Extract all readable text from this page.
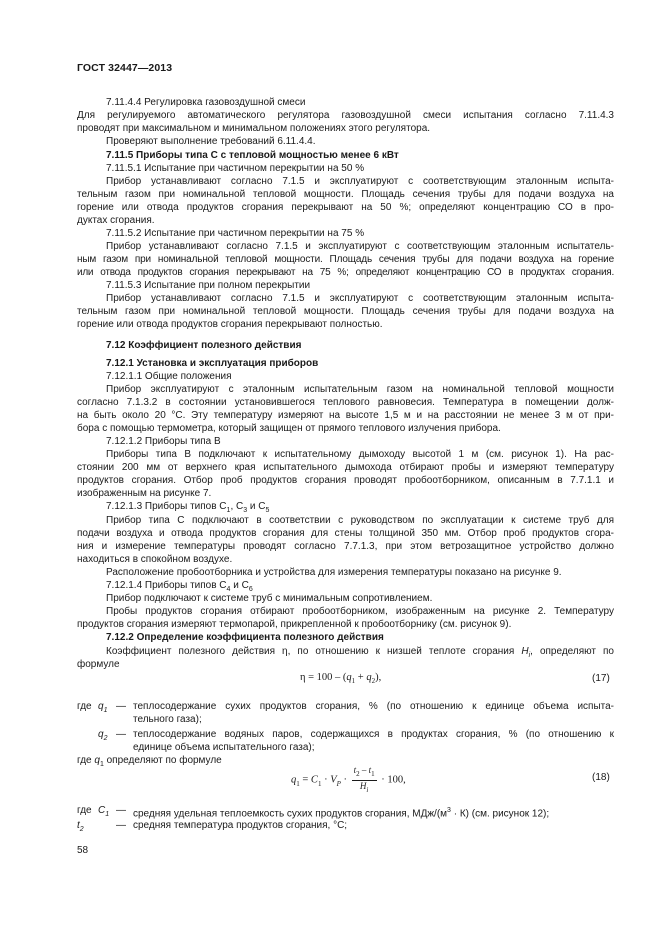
ГОСТ 32447—2013
7.11.4.4 Регулировка газовоздушной смеси
Для регулируемого автоматического регулятора газовоздушной смеси испытания согласно 7.11.4.3
проводят при максимальном и минимальном положениях этого регулятора.
Проверяют выполнение требований 6.11.4.4.
7.11.5 Приборы типа С с тепловой мощностью менее 6 кВт
7.11.5.1 Испытание при частичном перекрытии на 50 %
Прибор устанавливают согласно 7.1.5 и эксплуатируют с соответствующим эталонным испыта-
тельным газом при номинальной тепловой мощности. Площадь сечения трубы для подачи воздуха на
горение или отвода продуктов сгорания перекрывают на 50 %; определяют концентрацию СО в про-
дуктах сгорания.
7.11.5.2 Испытание при частичном перекрытии на 75 %
Прибор устанавливают согласно 7.1.5 и эксплуатируют с соответствующим эталонным испытатель-
ным газом при номинальной тепловой мощности. Площадь сечения трубы для подачи воздуха на горение
или отвода продуктов сгорания перекрывают на 75 %; определяют концентрацию СО в продуктах сгорания.
7.11.5.3 Испытание при полном перекрытии
Прибор устанавливают согласно 7.1.5 и эксплуатируют с соответствующим эталонным испыта-
тельным газом при номинальной тепловой мощности. Площадь сечения трубы для подачи воздуха на
горение или отвода продуктов сгорания перекрывают полностью.
7.12 Коэффициент полезного действия
7.12.1 Установка и эксплуатация приборов
7.12.1.1 Общие положения
Прибор эксплуатируют с эталонным испытательным газом на номинальной тепловой мощности
согласно 7.1.3.2 в состоянии установившегося теплового равновесия. Температура в помещении долж-
на быть около 20 °С. Эту температуру измеряют на высоте 1,5 м и на расстоянии не менее 3 м от при-
бора с помощью термометра, который защищен от прямого теплового излучения прибора.
7.12.1.2 Приборы типа В
Приборы типа В подключают к испытательному дымоходу высотой 1 м (см. рисунок 1). На рас-
стоянии 200 мм от верхнего края испытательного дымохода отбирают пробы и измеряют температуру
продуктов сгорания. Отбор проб продуктов сгорания проводят пробоотборником, описанным в 7.7.1.1 и
изображенным на рисунке 7.
7.12.1.3 Приборы типов $С_1$, $С_3$ и $С_5$
Прибор типа С подключают в соответствии с руководством по эксплуатации к системе труб для
подачи воздуха и отвода продуктов сгорания для стены толщиной 350 мм. Отбор проб продуктов сгора-
ния и измерение температуры проводят согласно 7.7.1.3, при этом ветрозащитное устройство должно
находиться в спокойном воздухе.
Расположение пробоотборника и устройства для измерения температуры показано на рисунке 9.
7.12.1.4 Приборы типов $С_4$ и $С_6$
Прибор подключают к системе труб с минимальным сопротивлением.
Пробы продуктов сгорания отбирают пробоотборником, изображенным на рисунке 2. Температуру
продуктов сгорания измеряют термопарой, прикрепленной к пробоотборнику (см. рисунок 9).
7.12.2 Определение коэффициента полезного действия
Коэффициент полезного действия η, по отношению к низшей теплоте сгорания $H_i$, определяют по
формуле
$\eta = 100 - (q_1 + q_2)$,	(17)
где $q_1$ — теплосодержание сухих продуктов сгорания, % (по отношению к единице объема испыта-
тельного газа);
$q_2$ — теплосодержание водяных паров, содержащихся в продуктах сгорания, % (по отношению к
единице объема испытательного газа);
где $q_1$ определяют по формуле
$q_1 = C_1 \cdot V_P \cdot \frac{t_2 - t_1}{H_i} \cdot 100$,	(18)
где $C_1$ — средняя удельная теплоемкость сухих продуктов сгорания, МДж/$(м^3 \cdot К)$ (см. рисунок 12);
$t_2$	— средняя температура продуктов сгорания, °С;
58
